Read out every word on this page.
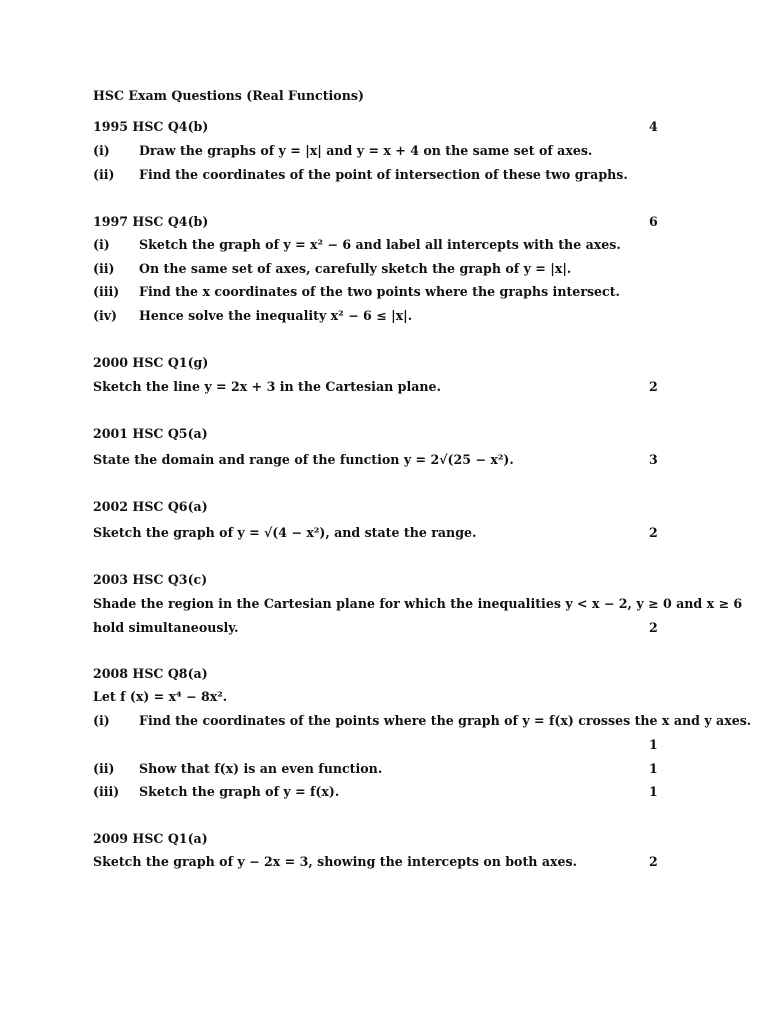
HSC Exam Questions (Real Functions)
1995 HSC Q4(b)	4
(i) Draw the graphs of y = |x| and y = x + 4 on the same set of axes.
(ii) Find the coordinates of the point of intersection of these two graphs.
1997 HSC Q4(b)	6
(i) Sketch the graph of y = x² − 6 and label all intercepts with the axes.
(ii) On the same set of axes, carefully sketch the graph of y = |x|.
(iii) Find the x coordinates of the two points where the graphs intersect.
(iv) Hence solve the inequality x² − 6 ≤ |x|.
2000 HSC Q1(g)
Sketch the line y = 2x + 3 in the Cartesian plane.	2
2001 HSC Q5(a)
State the domain and range of the function y = 2√(25 − x²).	3
2002 HSC Q6(a)
Sketch the graph of y = √(4 − x²), and state the range.	2
2003 HSC Q3(c)
Shade the region in the Cartesian plane for which the inequalities y < x − 2, y ≥ 0 and x ≥ 6
hold simultaneously.	2
2008 HSC Q8(a)
Let f (x) = x⁴ − 8x².
(i) Find the coordinates of the points where the graph of y = f(x) crosses the x and y axes.
1
(ii) Show that f(x) is an even function.	1
(iii) Sketch the graph of y = f(x).	1
2009 HSC Q1(a)
Sketch the graph of y − 2x = 3, showing the intercepts on both axes.	2
